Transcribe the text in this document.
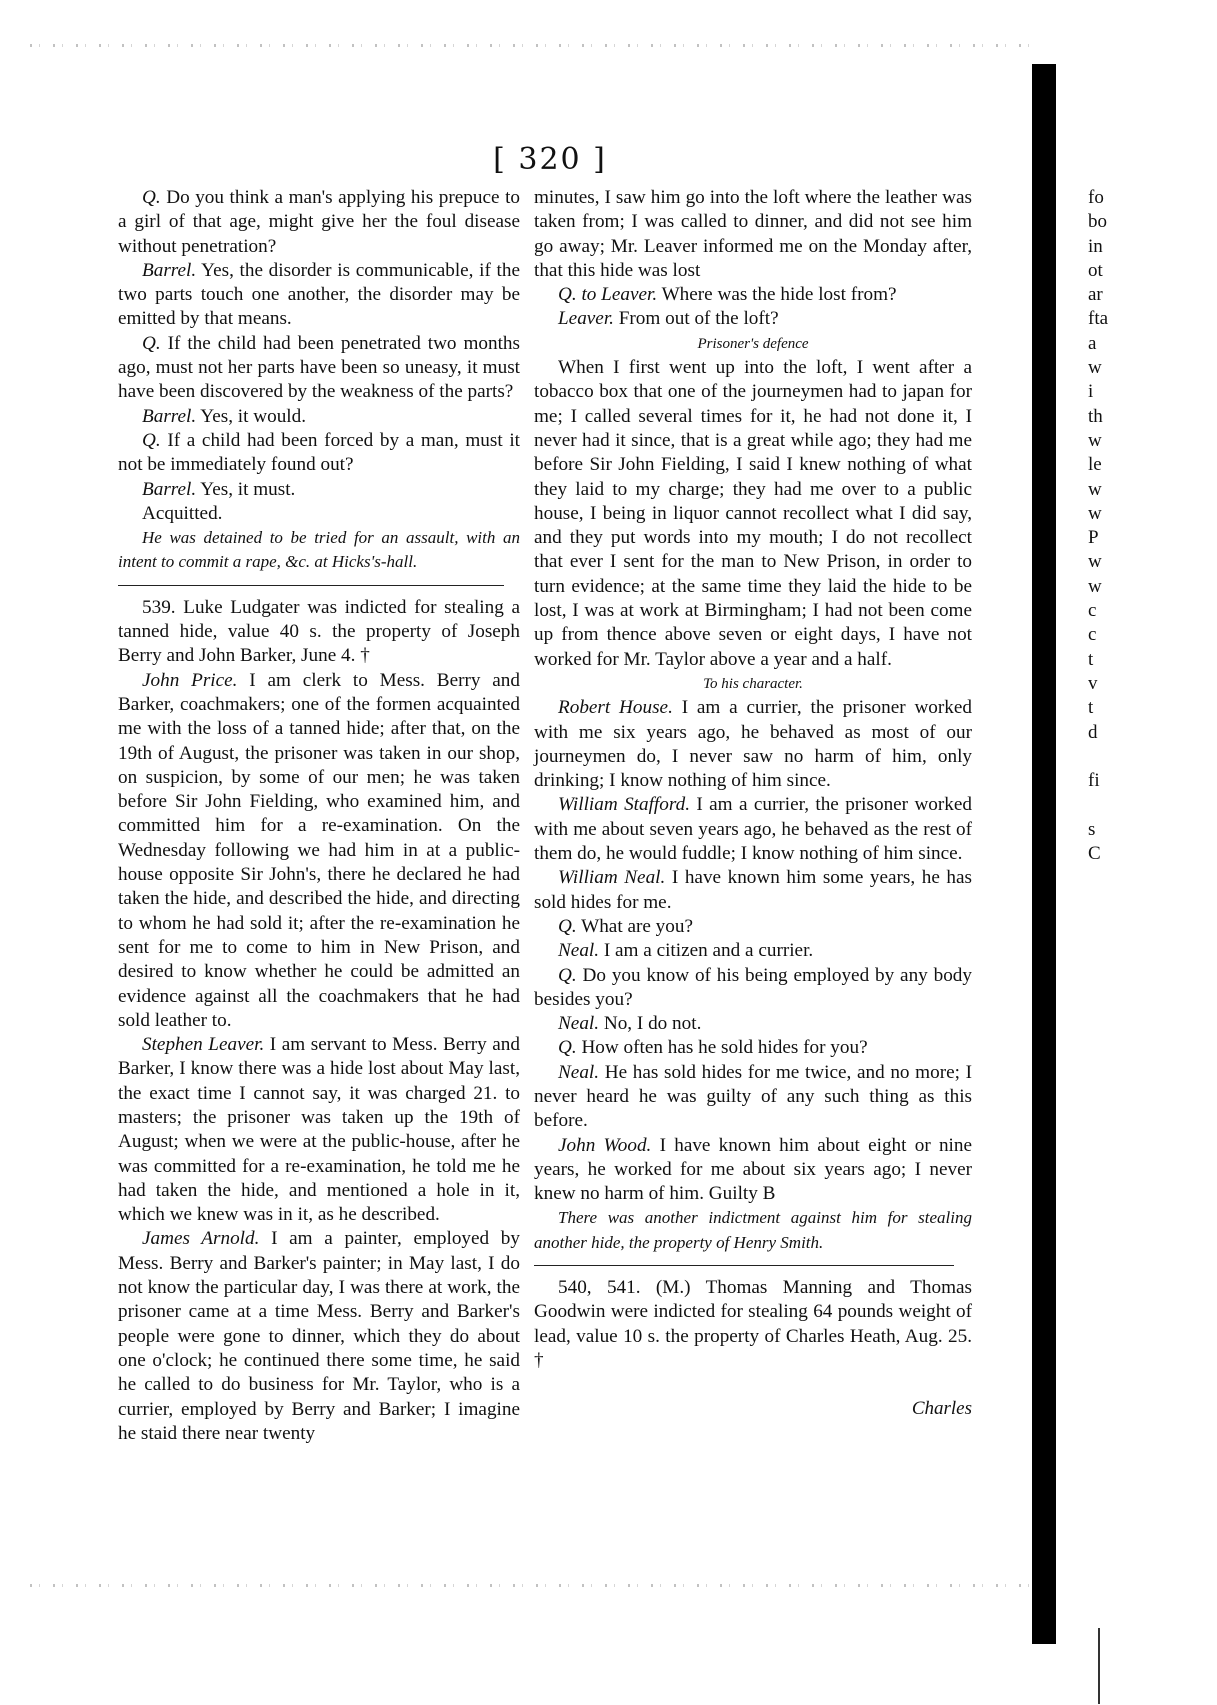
[ 320 ]

Q. Do you think a man's applying his prepuce to a girl of that age, might give her the foul disease without penetration?

Barrel. Yes, the disorder is communicable, if the two parts touch one another, the disorder may be emitted by that means.

Q. If the child had been penetrated two months ago, must not her parts have been so uneasy, it must have been discovered by the weakness of the parts?

Barrel. Yes, it would.

Q. If a child had been forced by a man, must it not be immediately found out?

Barrel. Yes, it must.

Acquitted.

He was detained to be tried for an assault, with an intent to commit a rape, &c. at Hicks's-hall.

539. Luke Ludgater was indicted for stealing a tanned hide, value 40 s. the property of Joseph Berry and John Barker, June 4. †

John Price. I am clerk to Mess. Berry and Barker, coachmakers; one of the formen acquainted me with the loss of a tanned hide; after that, on the 19th of August, the prisoner was taken in our shop, on suspicion, by some of our men; he was taken before Sir John Fielding, who examined him, and committed him for a re-examination. On the Wednesday following we had him in at a public-house opposite Sir John's, there he declared he had taken the hide, and described the hide, and directing to whom he had sold it; after the re-examination he sent for me to come to him in New Prison, and desired to know whether he could be admitted an evidence against all the coachmakers that he had sold leather to.

Stephen Leaver. I am servant to Mess. Berry and Barker, I know there was a hide lost about May last, the exact time I cannot say, it was charged 21. to masters; the prisoner was taken up the 19th of August; when we were at the public-house, after he was committed for a re-examination, he told me he had taken the hide, and mentioned a hole in it, which we knew was in it, as he described.

James Arnold. I am a painter, employed by Mess. Berry and Barker's painter; in May last, I do not know the particular day, I was there at work, the prisoner came at a time Mess. Berry and Barker's people were gone to dinner, which they do about one o'clock; he continued there some time, he said he called to do business for Mr. Taylor, who is a currier, employed by Berry and Barker; I imagine he staid there near twenty

minutes, I saw him go into the loft where the leather was taken from; I was called to dinner, and did not see him go away; Mr. Leaver informed me on the Monday after, that this hide was lost

Q. to Leaver. Where was the hide lost from?

Leaver. From out of the loft?

Prisoner's defence

When I first went up into the loft, I went after a tobacco box that one of the journeymen had to japan for me; I called several times for it, he had not done it, I never had it since, that is a great while ago; they had me before Sir John Fielding, I said I knew nothing of what they laid to my charge; they had me over to a public house, I being in liquor cannot recollect what I did say, and they put words into my mouth; I do not recollect that ever I sent for the man to New Prison, in order to turn evidence; at the same time they laid the hide to be lost, I was at work at Birmingham; I had not been come up from thence above seven or eight days, I have not worked for Mr. Taylor above a year and a half.

To his character.

Robert House. I am a currier, the prisoner worked with me six years ago, he behaved as most of our journeymen do, I never saw no harm of him, only drinking; I know nothing of him since.

William Stafford. I am a currier, the prisoner worked with me about seven years ago, he behaved as the rest of them do, he would fuddle; I know nothing of him since.

William Neal. I have known him some years, he has sold hides for me.

Q. What are you?

Neal. I am a citizen and a currier.

Q. Do you know of his being employed by any body besides you?

Neal. No, I do not.

Q. How often has he sold hides for you?

Neal. He has sold hides for me twice, and no more; I never heard he was guilty of any such thing as this before.

John Wood. I have known him about eight or nine years, he worked for me about six years ago; I never knew no harm of him. Guilty B

There was another indictment against him for stealing another hide, the property of Henry Smith.

540, 541. (M.) Thomas Manning and Thomas Goodwin were indicted for stealing 64 pounds weight of lead, value 10 s. the property of Charles Heath, Aug. 25. †

Charles
fo
bo
in
ot
ar
fta
a
w
i
th
w
le
w
w
P
w
w
c
c
t
v
t
d
fi
s
C
